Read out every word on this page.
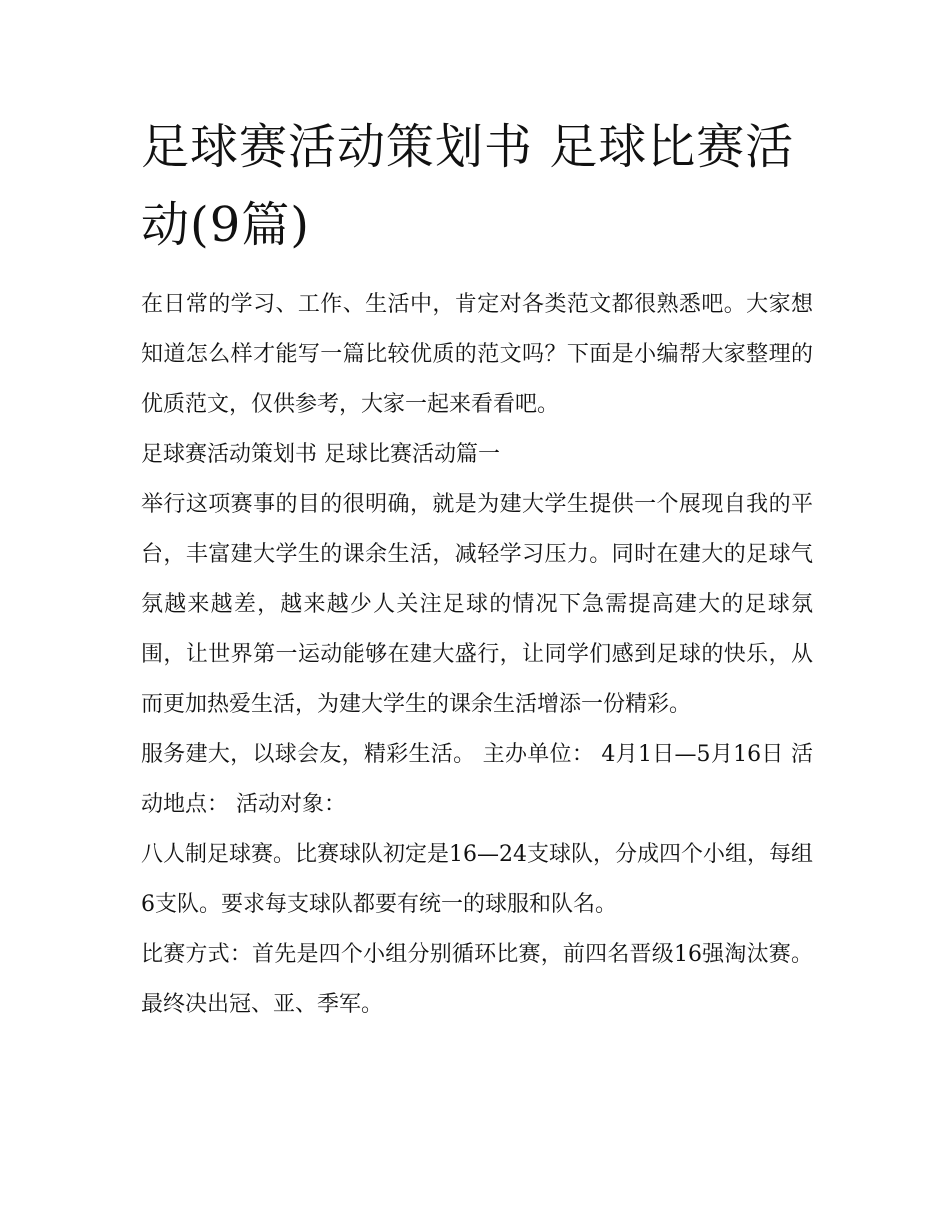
足球赛活动策划书 足球比赛活动(9篇)

在日常的学习、工作、生活中，肯定对各类范文都很熟悉吧。大家想知道怎么样才能写一篇比较优质的范文吗？下面是小编帮大家整理的优质范文，仅供参考，大家一起来看看吧。

足球赛活动策划书 足球比赛活动篇一

举行这项赛事的目的很明确，就是为建大学生提供一个展现自我的平台，丰富建大学生的课余生活，减轻学习压力。同时在建大的足球气氛越来越差，越来越少人关注足球的情况下急需提高建大的足球氛围，让世界第一运动能够在建大盛行，让同学们感到足球的快乐，从而更加热爱生活，为建大学生的课余生活增添一份精彩。

服务建大，以球会友，精彩生活。 主办单位： 4月1日—5月16日 活动地点： 活动对象：

八人制足球赛。比赛球队初定是16—24支球队，分成四个小组，每组6支队。要求每支球队都要有统一的球服和队名。

比赛方式：首先是四个小组分别循环比赛，前四名晋级16强淘汰赛。最终决出冠、亚、季军。
